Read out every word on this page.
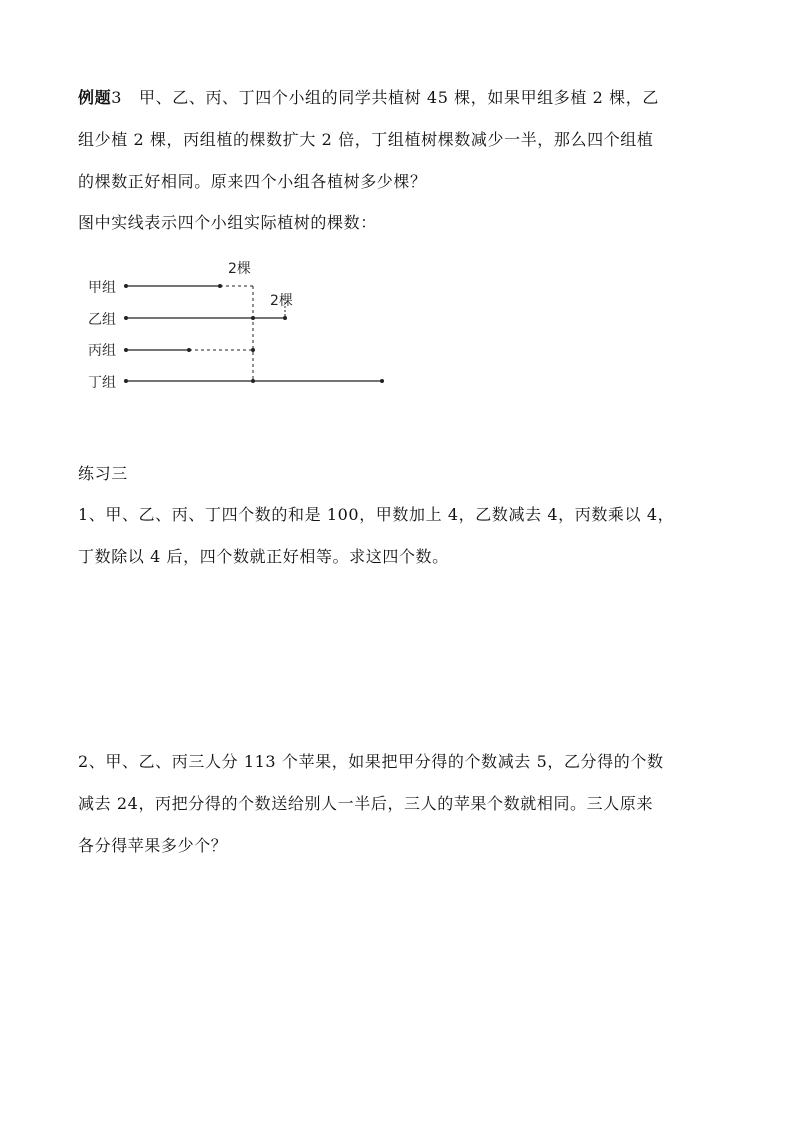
例题3 甲、乙、丙、丁四个小组的同学共植树 45 棵，如果甲组多植 2 棵，乙
组少植 2 棵，丙组植的棵数扩大 2 倍，丁组植树棵数减少一半，那么四个组植
的棵数正好相同。原来四个小组各植树多少棵？
图中实线表示四个小组实际植树的棵数：
甲组
乙组
丙组
丁组
2棵
2棵
练习三
1、甲、乙、丙、丁四个数的和是 100，甲数加上 4，乙数减去 4，丙数乘以 4，
丁数除以 4 后，四个数就正好相等。求这四个数。
2、甲、乙、丙三人分 113 个苹果，如果把甲分得的个数减去 5，乙分得的个数
减去 24，丙把分得的个数送给别人一半后，三人的苹果个数就相同。三人原来
各分得苹果多少个？
